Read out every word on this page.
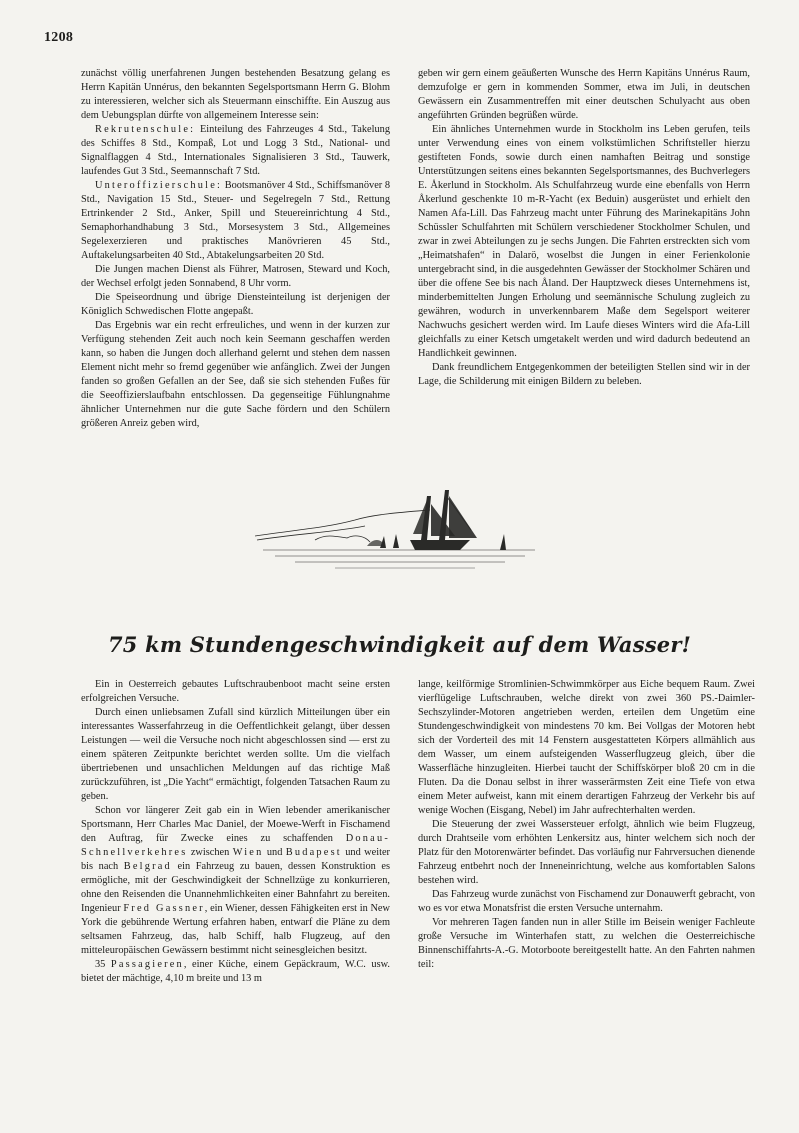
1208

zunächst völlig unerfahrenen Jungen bestehenden Besatzung gelang es Herrn Kapitän Unnérus, den bekannten Segelsportsmann Herrn G. Blohm zu interessieren, welcher sich als Steuermann einschiffte. Ein Auszug aus dem Uebungsplan dürfte von allgemeinem Interesse sein:

Rekrutenschule: Einteilung des Fahrzeuges 4 Std., Takelung des Schiffes 8 Std., Kompaß, Lot und Logg 3 Std., National- und Signalflaggen 4 Std., Internationales Signalisieren 3 Std., Tauwerk, laufendes Gut 3 Std., Seemannschaft 7 Std.

Unteroffizierschule: Bootsmanöver 4 Std., Schiffsmanöver 8 Std., Navigation 15 Std., Steuer- und Segelregeln 7 Std., Rettung Ertrinkender 2 Std., Anker, Spill und Steuereinrichtung 4 Std., Semaphorhandhabung 3 Std., Morsesystem 3 Std., Allgemeines Segelexerzieren und praktisches Manövrieren 45 Std., Auftakelungsarbeiten 40 Std., Abtakelungsarbeiten 20 Std.

Die Jungen machen Dienst als Führer, Matrosen, Steward und Koch, der Wechsel erfolgt jeden Sonnabend, 8 Uhr vorm.

Die Speiseordnung und übrige Diensteinteilung ist derjenigen der Königlich Schwedischen Flotte angepaßt.

Das Ergebnis war ein recht erfreuliches, und wenn in der kurzen zur Verfügung stehenden Zeit auch noch kein Seemann geschaffen werden kann, so haben die Jungen doch allerhand gelernt und stehen dem nassen Element nicht mehr so fremd gegenüber wie anfänglich. Zwei der Jungen fanden so großen Gefallen an der See, daß sie sich stehenden Fußes für die Seeoffizierslaufbahn entschlossen. Da gegenseitige Fühlungnahme ähnlicher Unternehmen nur die gute Sache fördern und den Schülern größeren Anreiz geben wird,

geben wir gern einem geäußerten Wunsche des Herrn Kapitäns Unnérus Raum, demzufolge er gern in kommenden Sommer, etwa im Juli, in deutschen Gewässern ein Zusammentreffen mit einer deutschen Schulyacht aus oben angeführten Gründen begrüßen würde.

Ein ähnliches Unternehmen wurde in Stockholm ins Leben gerufen, teils unter Verwendung eines von einem volkstümlichen Schriftsteller hierzu gestifteten Fonds, sowie durch einen namhaften Beitrag und sonstige Unterstützungen seitens eines bekannten Segelsportsmannes, des Buchverlegers E. Åkerlund in Stockholm. Als Schulfahrzeug wurde eine ebenfalls von Herrn Åkerlund geschenkte 10 m-R-Yacht (ex Beduin) ausgerüstet und erhielt den Namen Afa-Lill. Das Fahrzeug macht unter Führung des Marinekapitäns John Schüssler Schulfahrten mit Schülern verschiedener Stockholmer Schulen, und zwar in zwei Abteilungen zu je sechs Jungen. Die Fahrten erstreckten sich vom „Heimatshafen“ in Dalarö, woselbst die Jungen in einer Ferienkolonie untergebracht sind, in die ausgedehnten Gewässer der Stockholmer Schären und über die offene See bis nach Åland. Der Hauptzweck dieses Unternehmens ist, minderbemittelten Jungen Erholung und seemännische Schulung zugleich zu gewähren, wodurch in unverkennbarem Maße dem Segelsport weiterer Nachwuchs gesichert werden wird. Im Laufe dieses Winters wird die Afa-Lill gleichfalls zu einer Ketsch umgetakelt werden und wird dadurch bedeutend an Handlichkeit gewinnen.

Dank freundlichem Entgegenkommen der beteiligten Stellen sind wir in der Lage, die Schilderung mit einigen Bildern zu beleben.

75 km Stundengeschwindigkeit auf dem Wasser!

Ein in Oesterreich gebautes Luftschraubenboot macht seine ersten erfolgreichen Versuche.

Durch einen unliebsamen Zufall sind kürzlich Mitteilungen über ein interessantes Wasserfahrzeug in die Oeffentlichkeit gelangt, über dessen Leistungen — weil die Versuche noch nicht abgeschlossen sind — erst zu einem späteren Zeitpunkte berichtet werden sollte. Um die vielfach übertriebenen und unsachlichen Meldungen auf das richtige Maß zurückzuführen, ist „Die Yacht“ ermächtigt, folgenden Tatsachen Raum zu geben.

Schon vor längerer Zeit gab ein in Wien lebender amerikanischer Sportsmann, Herr Charles Mac Daniel, der Moewe-Werft in Fischamend den Auftrag, für Zwecke eines zu schaffenden Donau-Schnellverkehres zwischen Wien und Budapest und weiter bis nach Belgrad ein Fahrzeug zu bauen, dessen Konstruktion es ermögliche, mit der Geschwindigkeit der Schnellzüge zu konkurrieren, ohne den Reisenden die Unannehmlichkeiten einer Bahnfahrt zu bereiten. Ingenieur Fred Gassner, ein Wiener, dessen Fähigkeiten erst in New York die gebührende Wertung erfahren haben, entwarf die Pläne zu dem seltsamen Fahrzeug, das, halb Schiff, halb Flugzeug, auf den mitteleuropäischen Gewässern bestimmt nicht seinesgleichen besitzt.

35 Passagieren, einer Küche, einem Gepäckraum, W.C. usw. bietet der mächtige, 4,10 m breite und 13 m

lange, keilförmige Stromlinien-Schwimmkörper aus Eiche bequem Raum. Zwei vierflügelige Luftschrauben, welche direkt von zwei 360 PS.-Daimler-Sechszylinder-Motoren angetrieben werden, erteilen dem Ungetüm eine Stundengeschwindigkeit von mindestens 70 km. Bei Vollgas der Motoren hebt sich der Vorderteil des mit 14 Fenstern ausgestatteten Körpers allmählich aus dem Wasser, um einem aufsteigenden Wasserflugzeug gleich, über die Wasserfläche hinzugleiten. Hierbei taucht der Schiffskörper bloß 20 cm in die Fluten. Da die Donau selbst in ihrer wasserärmsten Zeit eine Tiefe von etwa einem Meter aufweist, kann mit einem derartigen Fahrzeug der Verkehr bis auf wenige Wochen (Eisgang, Nebel) im Jahr aufrechterhalten werden.

Die Steuerung der zwei Wassersteuer erfolgt, ähnlich wie beim Flugzeug, durch Drahtseile vom erhöhten Lenkersitz aus, hinter welchem sich noch der Platz für den Motorenwärter befindet. Das vorläufig nur Fahrversuchen dienende Fahrzeug entbehrt noch der Inneneinrichtung, welche aus komfortablen Salons bestehen wird.

Das Fahrzeug wurde zunächst von Fischamend zur Donauwerft gebracht, von wo es vor etwa Monatsfrist die ersten Versuche unternahm.

Vor mehreren Tagen fanden nun in aller Stille im Beisein weniger Fachleute große Versuche im Winterhafen statt, zu welchen die Oesterreichische Binnenschiffahrts-A.-G. Motorboote bereitgestellt hatte. An den Fahrten nahmen teil:
